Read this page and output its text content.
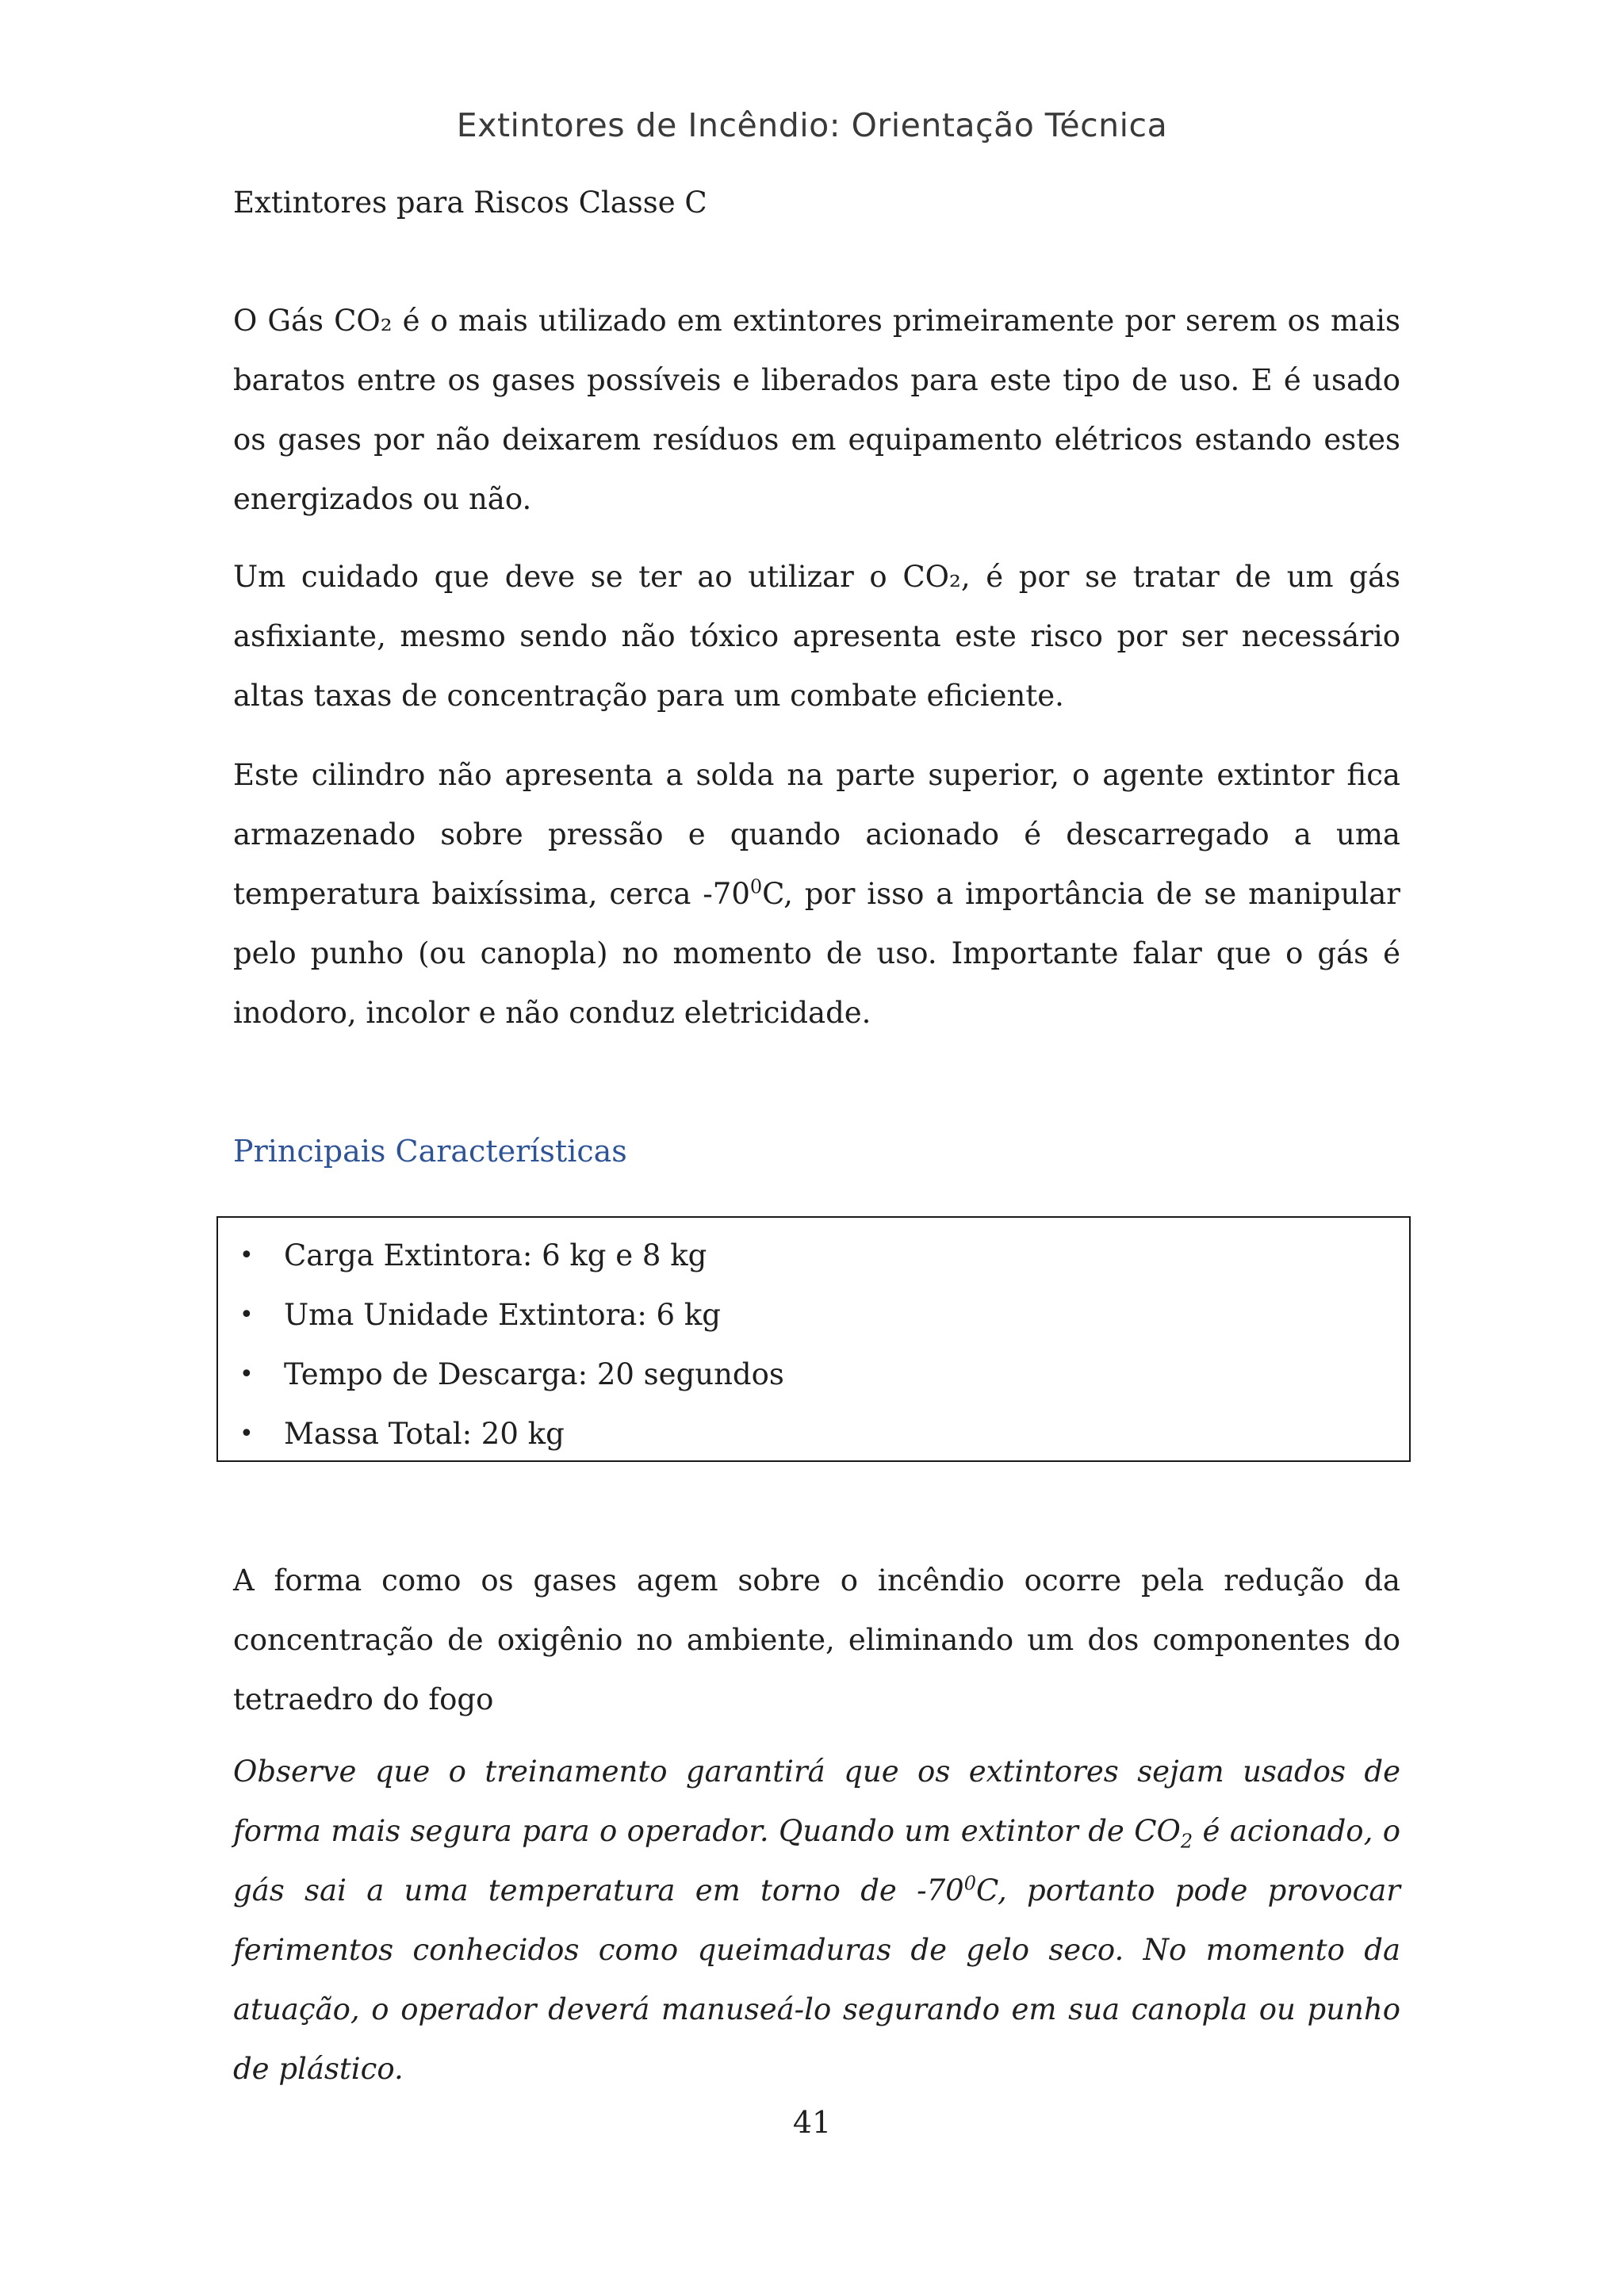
Extintores de Incêndio: Orientação Técnica
Extintores para Riscos Classe C

O Gás CO₂ é o mais utilizado em extintores primeiramente por serem os mais baratos entre os gases possíveis e liberados para este tipo de uso. E é usado os gases por não deixarem resíduos em equipamento elétricos estando estes energizados ou não.

Um cuidado que deve se ter ao utilizar o CO₂, é por se tratar de um gás asfixiante, mesmo sendo não tóxico apresenta este risco por ser necessário altas taxas de concentração para um combate eficiente.

Este cilindro não apresenta a solda na parte superior, o agente extintor fica armazenado sobre pressão e quando acionado é descarregado a uma temperatura baixíssima, cerca $-70^0C$, por isso a importância de se manipular pelo punho (ou canopla) no momento de uso. Importante falar que o gás é inodoro, incolor e não conduz eletricidade.

Principais Características
• Carga Extintora: 6 kg e 8 kg
• Uma Unidade Extintora: 6 kg
• Tempo de Descarga: 20 segundos
• Massa Total: 20 kg

A forma como os gases agem sobre o incêndio ocorre pela redução da concentração de oxigênio no ambiente, eliminando um dos componentes do tetraedro do fogo

Observe que o treinamento garantirá que os extintores sejam usados de forma mais segura para o operador. Quando um extintor de $CO_2$ é acionado, o gás sai a uma temperatura em torno de $-70^0C$, portanto pode provocar ferimentos conhecidos como queimaduras de gelo seco. No momento da atuação, o operador deverá manuseá-lo segurando em sua canopla ou punho de plástico.

41
